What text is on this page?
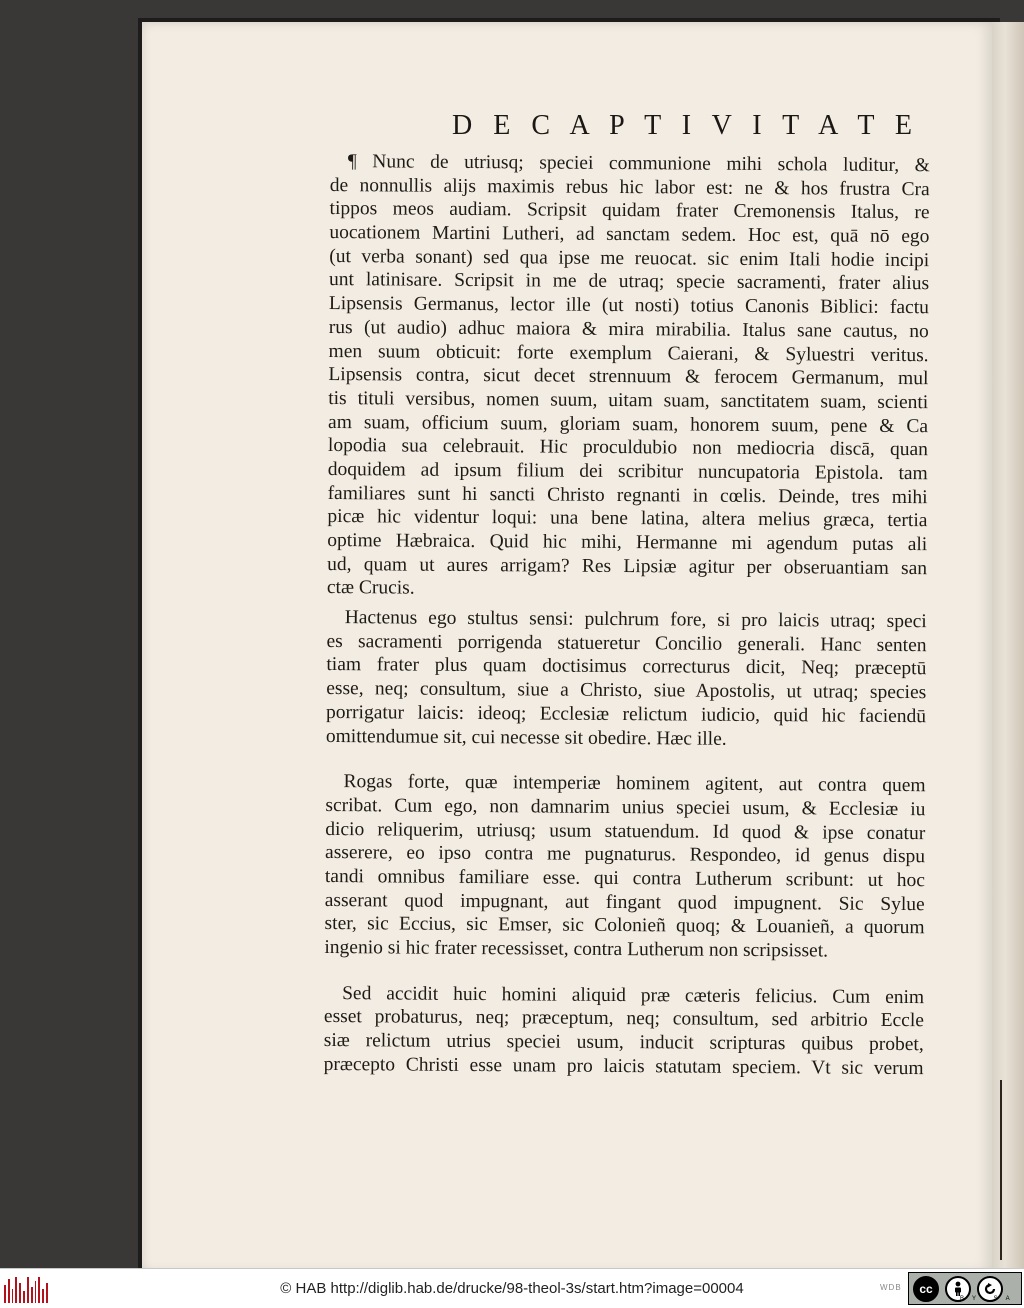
D E C A P T I V I T A T E
¶ Nunc de utriusq; speciei communione mihi schola luditur, &
de nonnullis alijs maximis rebus hic labor est: ne & hos frustra Cra
tippos meos audiam. Scripsit quidam frater Cremonensis Italus, re
uocationem Martini Lutheri, ad sanctam sedem. Hoc est, quā nō ego
(ut verba sonant) sed qua ipse me reuocat. sic enim Itali hodie incipi
unt latinisare. Scripsit in me de utraq; specie sacramenti, frater alius
Lipsensis Germanus, lector ille (ut nosti) totius Canonis Biblici: factu
rus (ut audio) adhuc maiora & mira mirabilia. Italus sane cautus, no
men suum obticuit: forte exemplum Caierani, & Syluestri veritus.
Lipsensis contra, sicut decet strennuum & ferocem Germanum, mul
tis tituli versibus, nomen suum, uitam suam, sanctitatem suam, scienti
am suam, officium suum, gloriam suam, honorem suum, pene & Ca
lopodia sua celebrauit. Hic proculdubio non mediocria discā, quan
doquidem ad ipsum filium dei scribitur nuncupatoria Epistola. tam
familiares sunt hi sancti Christo regnanti in cœlis. Deinde, tres mihi
picæ hic videntur loqui: una bene latina, altera melius græca, tertia
optime Hæbraica. Quid hic mihi, Hermanne mi agendum putas ali
ud, quam ut aures arrigam? Res Lipsiæ agitur per obseruantiam san
ctæ Crucis.
Hactenus ego stultus sensi: pulchrum fore, si pro laicis utraq; speci
es sacramenti porrigenda statueretur Concilio generali. Hanc senten
tiam frater plus quam doctisimus correcturus dicit, Neq; præceptū
esse, neq; consultum, siue a Christo, siue Apostolis, ut utraq; species
porrigatur laicis: ideoq; Ecclesiæ relictum iudicio, quid hic faciendū
omittendumue sit, cui necesse sit obedire. Hæc ille.
Rogas forte, quæ intemperiæ hominem agitent, aut contra quem
scribat. Cum ego, non damnarim unius speciei usum, & Ecclesiæ iu
dicio reliquerim, utriusq; usum statuendum. Id quod & ipse conatur
asserere, eo ipso contra me pugnaturus. Respondeo, id genus dispu
tandi omnibus familiare esse. qui contra Lutherum scribunt: ut hoc
asserant quod impugnant, aut fingant quod impugnent. Sic Sylue
ster, sic Eccius, sic Emser, sic Colonieñ quoq; & Louanieñ, a quorum
ingenio si hic frater recessisset, contra Lutherum non scripsisset.
Sed accidit huic homini aliquid præ cæteris felicius. Cum enim
esset probaturus, neq; præceptum, neq; consultum, sed arbitrio Eccle
siæ relictum utrius speciei usum, inducit scripturas quibus probet,
præcepto Christi esse unam pro laicis statutam speciem. Vt sic verum
© HAB http://diglib.hab.de/drucke/98-theol-3s/start.htm?image=00004	WDB	cc
BY SA
